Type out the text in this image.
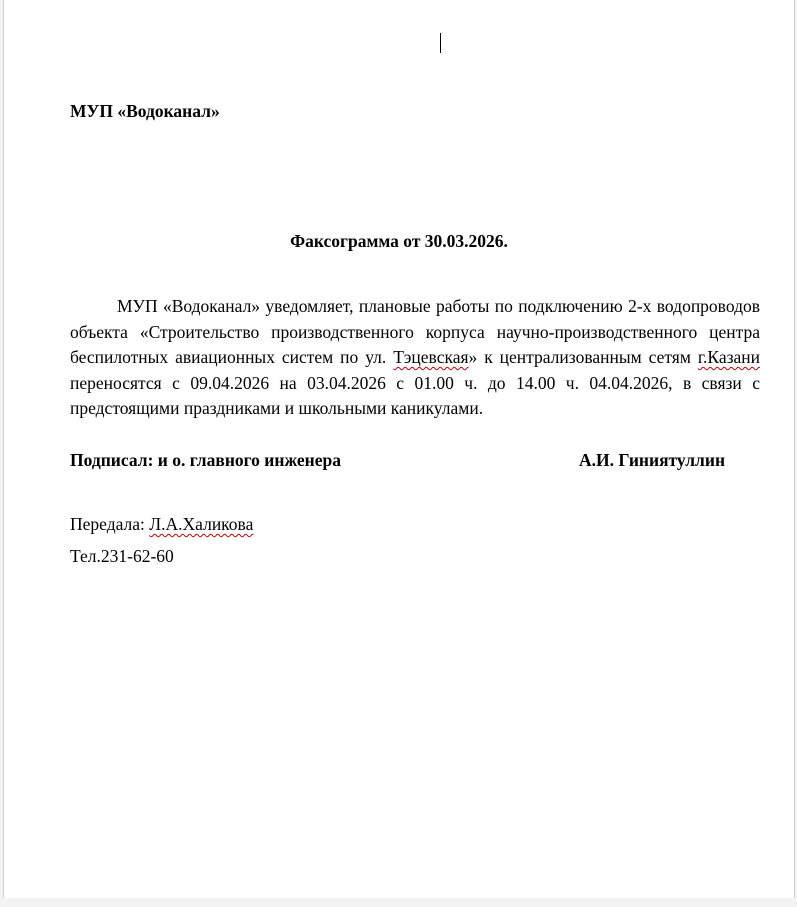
МУП «Водоканал»
Факсограмма от 30.03.2026.
МУП «Водоканал» уведомляет, плановые работы по подключению 2-х водопроводов объекта «Строительство производственного корпуса научно-производственного центра беспилотных авиационных систем по ул. Тэцевская» к централизованным сетям г.Казани переносятся с 09.04.2026 на 03.04.2026 с 01.00 ч. до 14.00 ч. 04.04.2026, в связи с предстоящими праздниками и школьными каникулами.
Подписал: и о. главного инженера	А.И. Гиниятуллин
Передала: Л.А.Халикова
Тел.231-62-60
